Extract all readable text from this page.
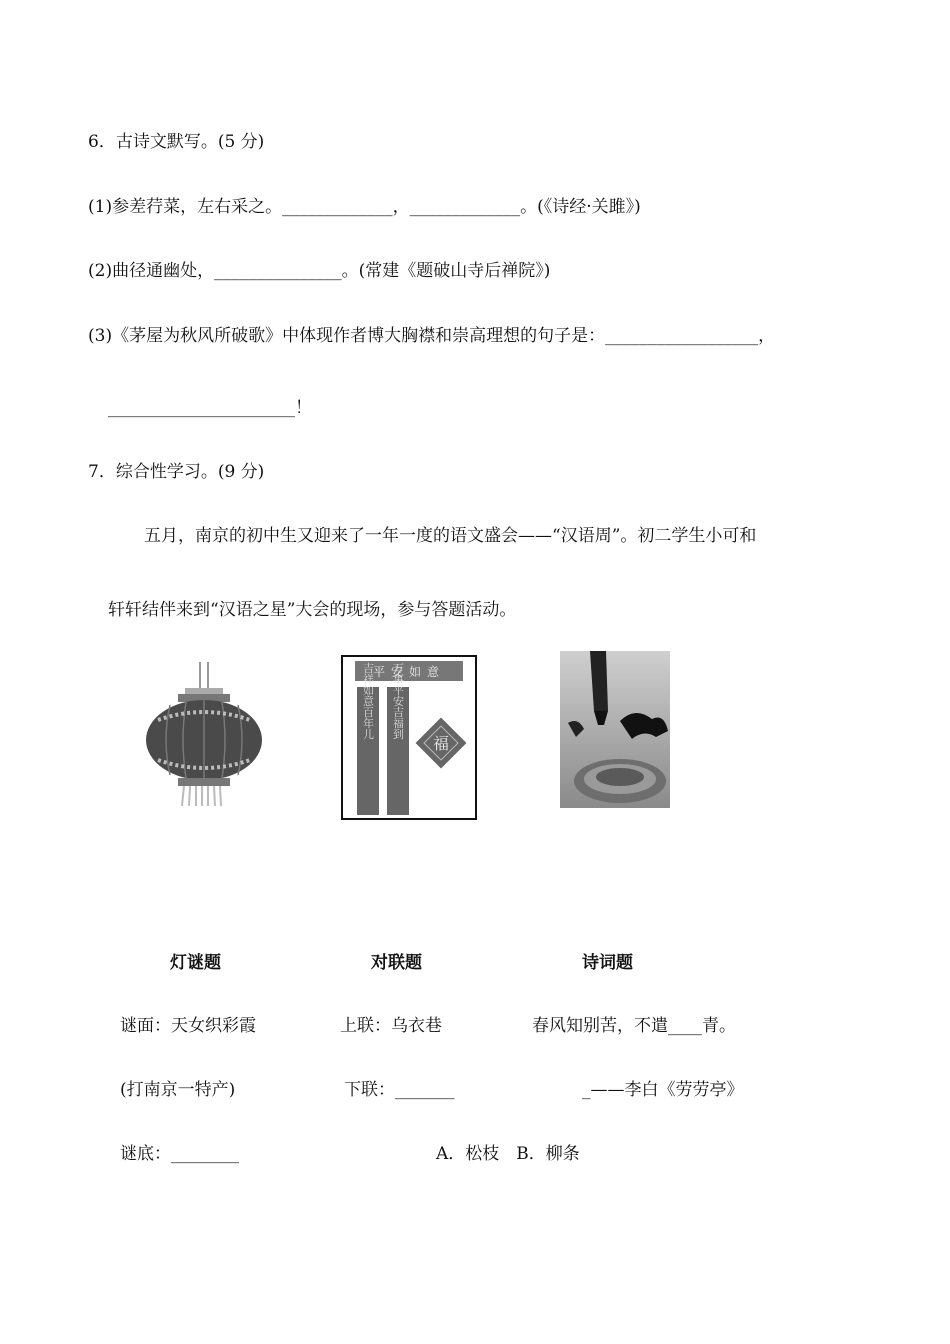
6．古诗文默写。(5 分)
(1)参差荇菜，左右采之。_____________，_____________。(《诗经·关雎》)
(2)曲径通幽处，_______________。(常建《题破山寺后禅院》)
(3)《茅屋为秋风所破歌》中体现作者博大胸襟和崇高理想的句子是：__________________，
______________________！
7．综合性学习。(9 分)
五月，南京的初中生又迎来了一年一度的语文盛会——“汉语周”。初二学生小可和
轩轩结伴来到“汉语之星”大会的现场，参与答题活动。
平安如意
吉祥如意百年儿 万事平安吉福到
福
灯谜题	对联题	诗词题
谜面：天女织彩霞	上联：乌衣巷	春风知别苦，不遣____青。
(打南京一特产)	下联：_______	_——李白《劳劳亭》
谜底：________	A．松枝　B．柳条
